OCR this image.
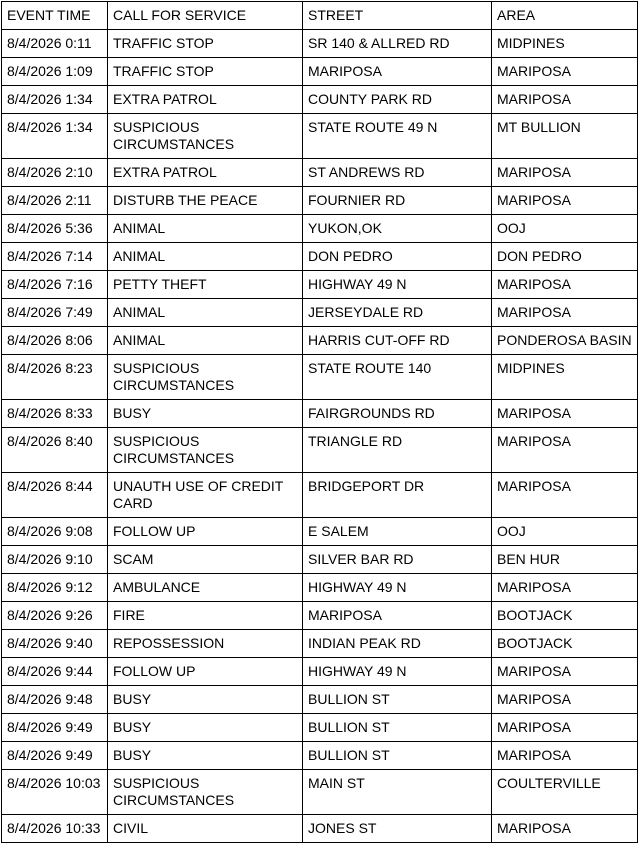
EVENT TIME	CALL FOR SERVICE	STREET	AREA
8/4/2026 0:11	TRAFFIC STOP	SR 140 & ALLRED RD	MIDPINES
8/4/2026 1:09	TRAFFIC STOP	MARIPOSA	MARIPOSA
8/4/2026 1:34	EXTRA PATROL	COUNTY PARK RD	MARIPOSA
8/4/2026 1:34	SUSPICIOUS CIRCUMSTANCES	STATE ROUTE 49 N	MT BULLION
8/4/2026 2:10	EXTRA PATROL	ST ANDREWS RD	MARIPOSA
8/4/2026 2:11	DISTURB THE PEACE	FOURNIER RD	MARIPOSA
8/4/2026 5:36	ANIMAL	YUKON,OK	OOJ
8/4/2026 7:14	ANIMAL	DON PEDRO	DON PEDRO
8/4/2026 7:16	PETTY THEFT	HIGHWAY 49 N	MARIPOSA
8/4/2026 7:49	ANIMAL	JERSEYDALE RD	MARIPOSA
8/4/2026 8:06	ANIMAL	HARRIS CUT-OFF RD	PONDEROSA BASIN
8/4/2026 8:23	SUSPICIOUS CIRCUMSTANCES	STATE ROUTE 140	MIDPINES
8/4/2026 8:33	BUSY	FAIRGROUNDS RD	MARIPOSA
8/4/2026 8:40	SUSPICIOUS CIRCUMSTANCES	TRIANGLE RD	MARIPOSA
8/4/2026 8:44	UNAUTH USE OF CREDIT CARD	BRIDGEPORT DR	MARIPOSA
8/4/2026 9:08	FOLLOW UP	E SALEM	OOJ
8/4/2026 9:10	SCAM	SILVER BAR RD	BEN HUR
8/4/2026 9:12	AMBULANCE	HIGHWAY 49 N	MARIPOSA
8/4/2026 9:26	FIRE	MARIPOSA	BOOTJACK
8/4/2026 9:40	REPOSSESSION	INDIAN PEAK RD	BOOTJACK
8/4/2026 9:44	FOLLOW UP	HIGHWAY 49 N	MARIPOSA
8/4/2026 9:48	BUSY	BULLION ST	MARIPOSA
8/4/2026 9:49	BUSY	BULLION ST	MARIPOSA
8/4/2026 9:49	BUSY	BULLION ST	MARIPOSA
8/4/2026 10:03	SUSPICIOUS CIRCUMSTANCES	MAIN ST	COULTERVILLE
8/4/2026 10:33	CIVIL	JONES ST	MARIPOSA
